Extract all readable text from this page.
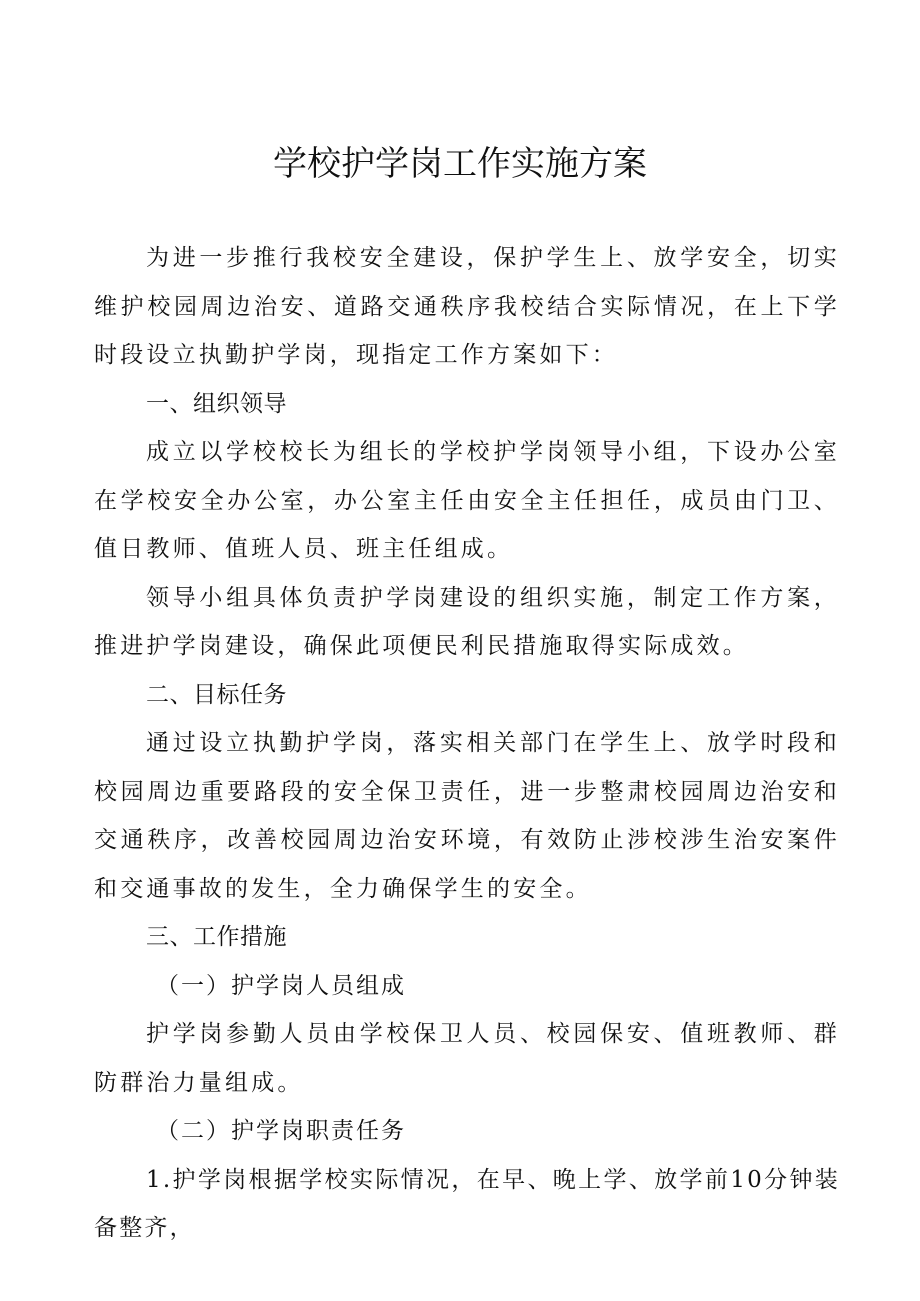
学校护学岗工作实施方案

为进一步推行我校安全建设，保护学生上、放学安全，切实维护校园周边治安、道路交通秩序我校结合实际情况，在上下学时段设立执勤护学岗，现指定工作方案如下：

一、组织领导

成立以学校校长为组长的学校护学岗领导小组，下设办公室在学校安全办公室，办公室主任由安全主任担任，成员由门卫、值日教师、值班人员、班主任组成。

领导小组具体负责护学岗建设的组织实施，制定工作方案，推进护学岗建设，确保此项便民利民措施取得实际成效。

二、目标任务

通过设立执勤护学岗，落实相关部门在学生上、放学时段和校园周边重要路段的安全保卫责任，进一步整肃校园周边治安和交通秩序，改善校园周边治安环境，有效防止涉校涉生治安案件和交通事故的发生，全力确保学生的安全。

三、工作措施

（一）护学岗人员组成

护学岗参勤人员由学校保卫人员、校园保安、值班教师、群防群治力量组成。

（二）护学岗职责任务

1.护学岗根据学校实际情况，在早、晚上学、放学前10分钟装备整齐，
